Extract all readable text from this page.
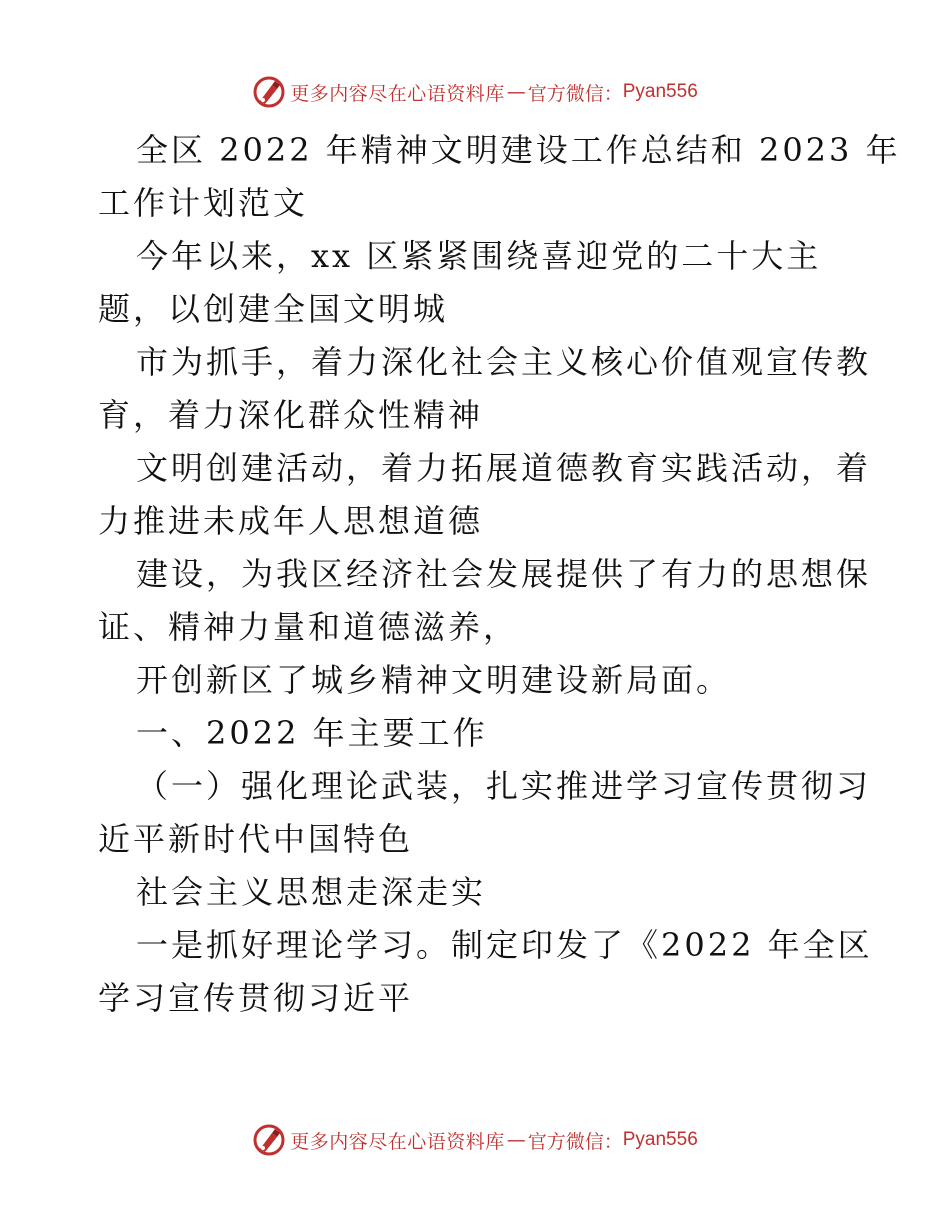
更多内容尽在心语资料库 — 官方微信： Pyan556
全区 2022 年精神文明建设工作总结和 2023 年
工作计划范文
今年以来，xx 区紧紧围绕喜迎党的二十大主
题，以创建全国文明城
市为抓手，着力深化社会主义核心价值观宣传教
育，着力深化群众性精神
文明创建活动，着力拓展道德教育实践活动，着
力推进未成年人思想道德
建设，为我区经济社会发展提供了有力的思想保
证、精神力量和道德滋养，
开创新区了城乡精神文明建设新局面。
一、2022 年主要工作
（一）强化理论武装，扎实推进学习宣传贯彻习
近平新时代中国特色
社会主义思想走深走实
一是抓好理论学习。制定印发了《2022 年全区
学习宣传贯彻习近平
更多内容尽在心语资料库 — 官方微信： Pyan556
